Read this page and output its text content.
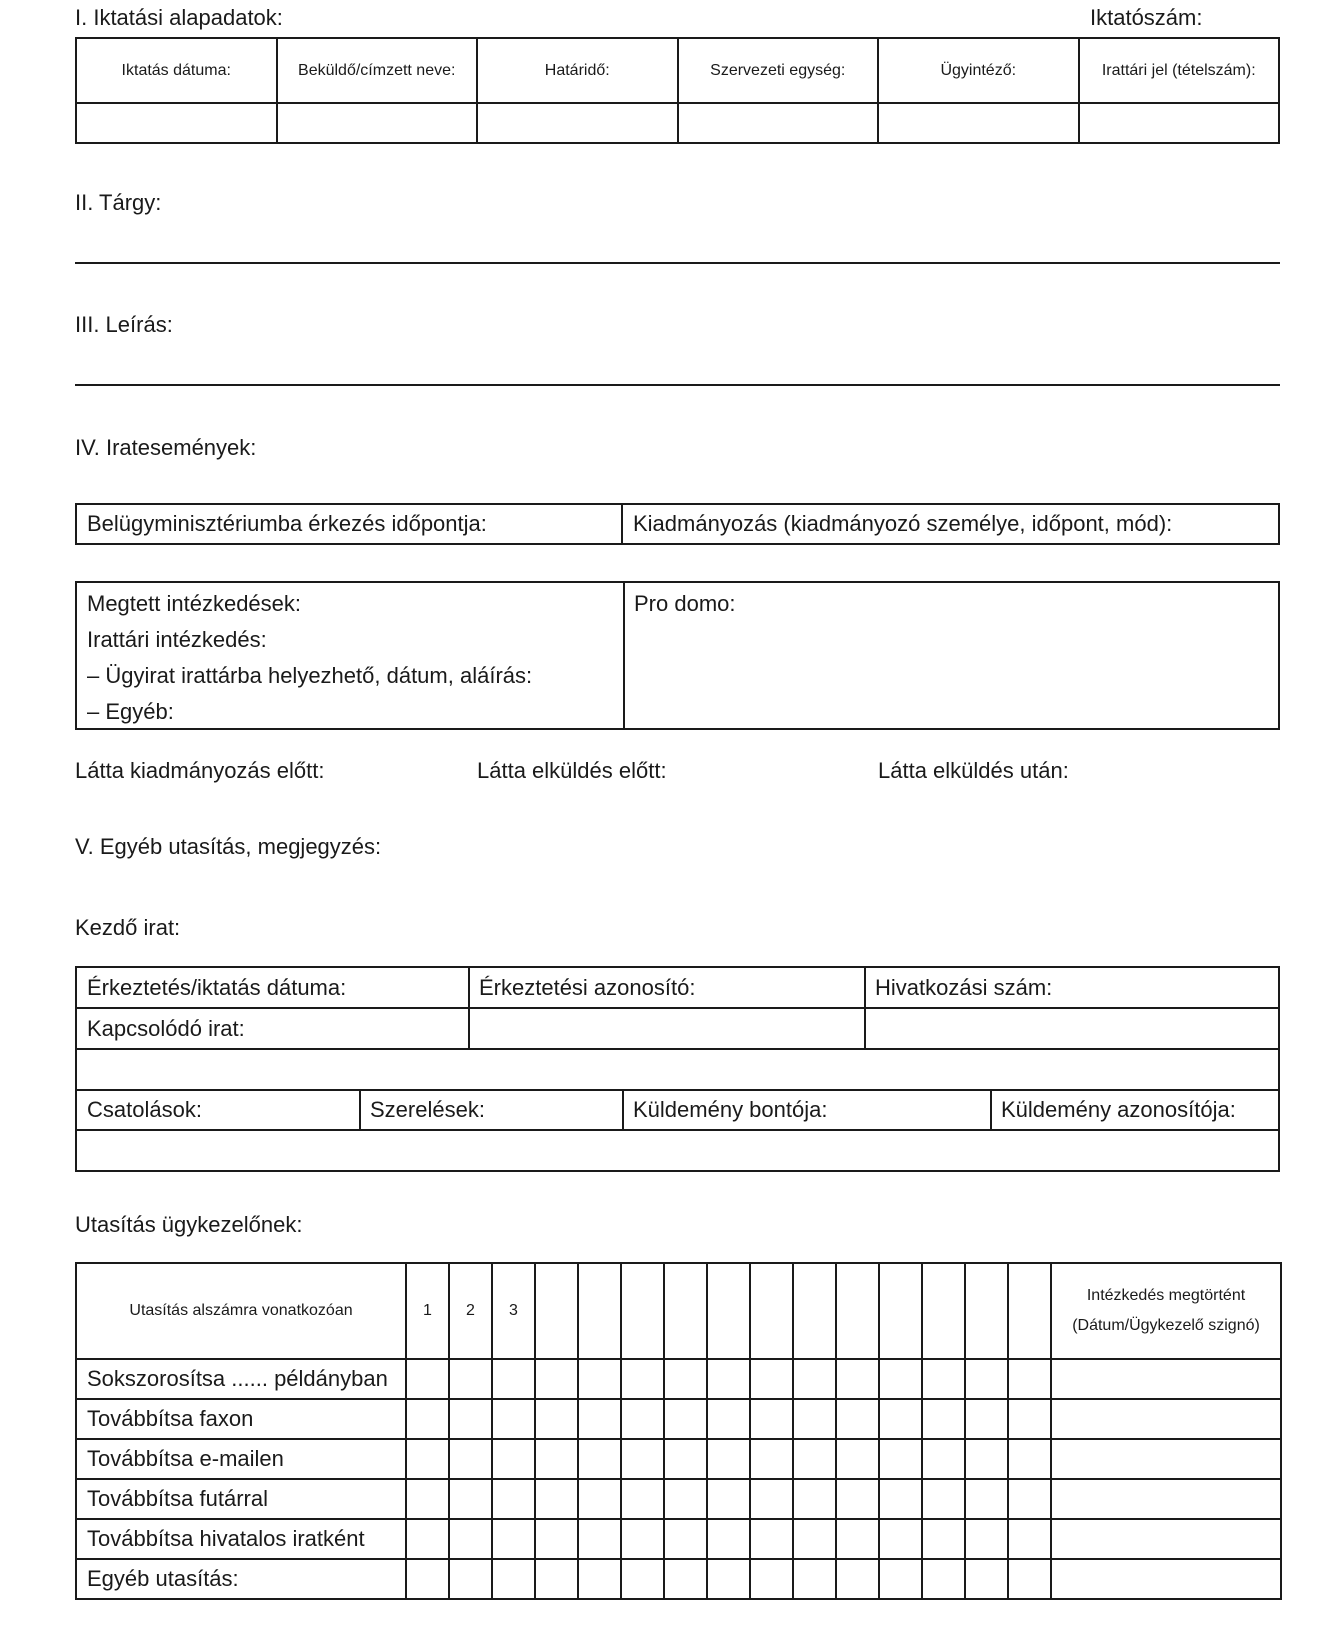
I. Iktatási alapadatok:	Iktatószám:
Iktatás dátuma:	Beküldő/címzett neve:	Határidő:	Szervezeti egység:	Ügyintéző:	Irattári jel (tételszám):

II. Tárgy:
III. Leírás:
IV. Iratesemények:
Belügyminisztériumba érkezés időpontja:	Kiadmányozás (kiadmányozó személye, időpont, mód):
Megtett intézkedések:
Irattári intézkedés:
– Ügyirat irattárba helyezhető, dátum, aláírás:
– Egyéb:
Pro domo:
Látta kiadmányozás előtt:	Látta elküldés előtt:	Látta elküldés után:
V. Egyéb utasítás, megjegyzés:
Kezdő irat:
Érkeztetés/iktatás dátuma:	Érkeztetési azonosító:	Hivatkozási szám:
Kapcsolódó irat:
Csatolások:	Szerelések:	Küldemény bontója:	Küldemény azonosítója:
Utasítás ügykezelőnek:
Utasítás alszámra vonatkozóan	1	2	3													Intézkedés megtörtént (Dátum/Ügykezelő szignó)
Sokszorosítsa ...... példányban																
Továbbítsa faxon																
Továbbítsa e-mailen																
Továbbítsa futárral																
Továbbítsa hivatalos iratként																
Egyéb utasítás:																
